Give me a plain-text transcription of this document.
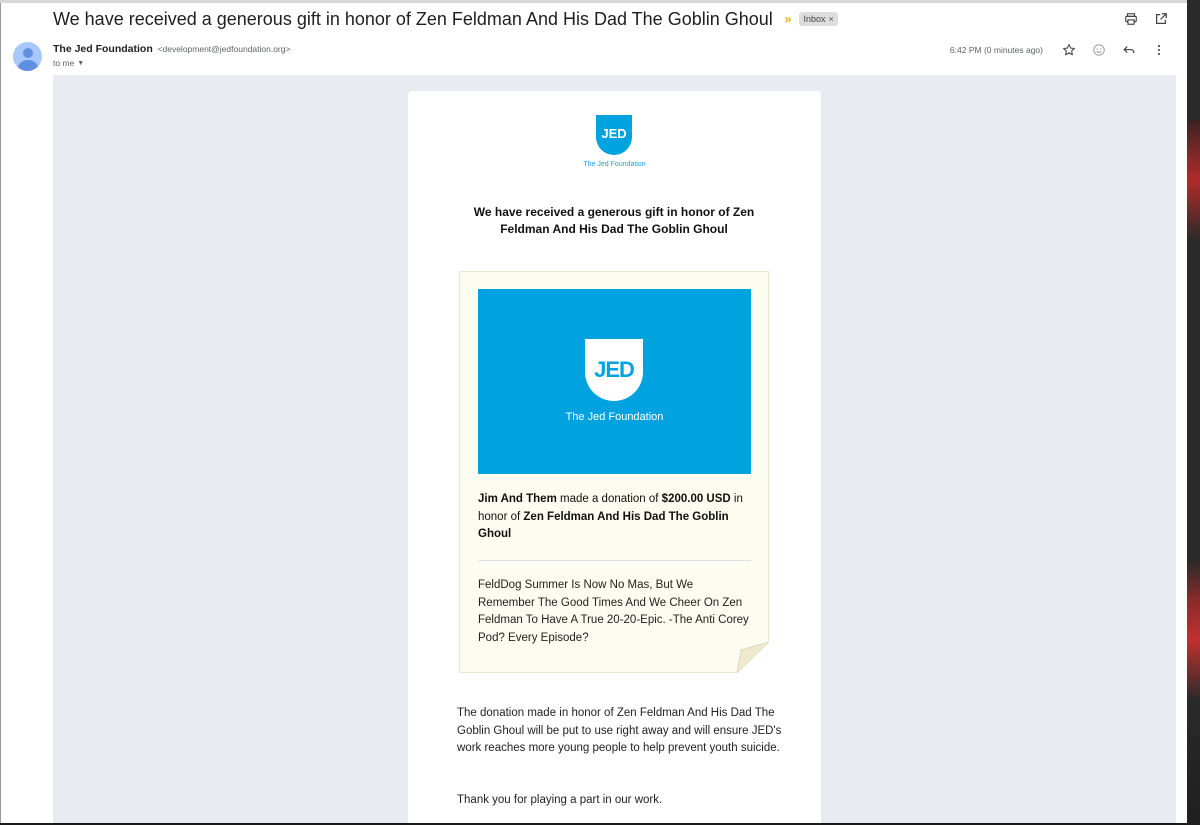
We have received a generous gift in honor of Zen Feldman And His Dad The Goblin Ghoul » Inbox ×
The Jed Foundation <development@jedfoundation.org>
to me ▼
6:42 PM (0 minutes ago)
JED
The Jed Foundation
We have received a generous gift in honor of Zen Feldman And His Dad The Goblin Ghoul
JED
The Jed Foundation
Jim And Them made a donation of $200.00 USD in honor of Zen Feldman And His Dad The Goblin Ghoul
FeldDog Summer Is Now No Mas, But We Remember The Good Times And We Cheer On Zen Feldman To Have A True 20-20-Epic. -The Anti Corey Pod? Every Episode?
The donation made in honor of Zen Feldman And His Dad The Goblin Ghoul will be put to use right away and will ensure JED's work reaches more young people to help prevent youth suicide.
Thank you for playing a part in our work.
